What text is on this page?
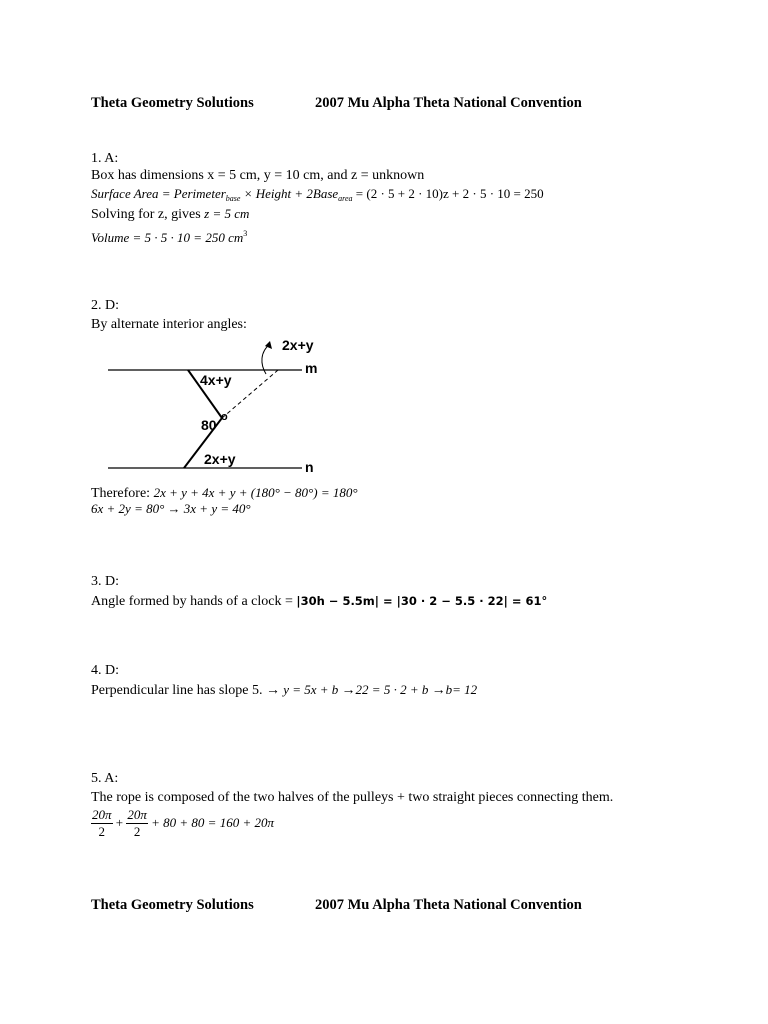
Theta Geometry Solutions	2007 Mu Alpha Theta National Convention
1. A:
Box has dimensions x = 5 cm, y = 10 cm, and z = unknown
Surface Area = Perimeter$_{base}$ × Height + 2Base$_{area}$ = (2 · 5 + 2 · 10)z + 2 · 5 · 10 = 250
Solving for z, gives z = 5 cm
Volume = 5 · 5 · 10 = 250 $cm^3$
2. D:
By alternate interior angles:
2x+y
m
4x+y
80 o
2x+y	n
Therefore: 2x + y + 4x + y + (180° − 80°) = 180°
6x + 2y = 80° → 3x + y = 40°
3. D:
Angle formed by hands of a clock = |30h − 5.5m| = |30 · 2 − 5.5 · 22| = 61°
4. D:
Perpendicular line has slope 5. → y = 5x + b →22 = 5 · 2 + b →b= 12
5. A:
The rope is composed of the two halves of the pulleys + two straight pieces connecting them.
$\frac{20\pi}{2} + \frac{20\pi}{2} + 80 + 80 = 160 + 20\pi$
Theta Geometry Solutions	2007 Mu Alpha Theta National Convention
